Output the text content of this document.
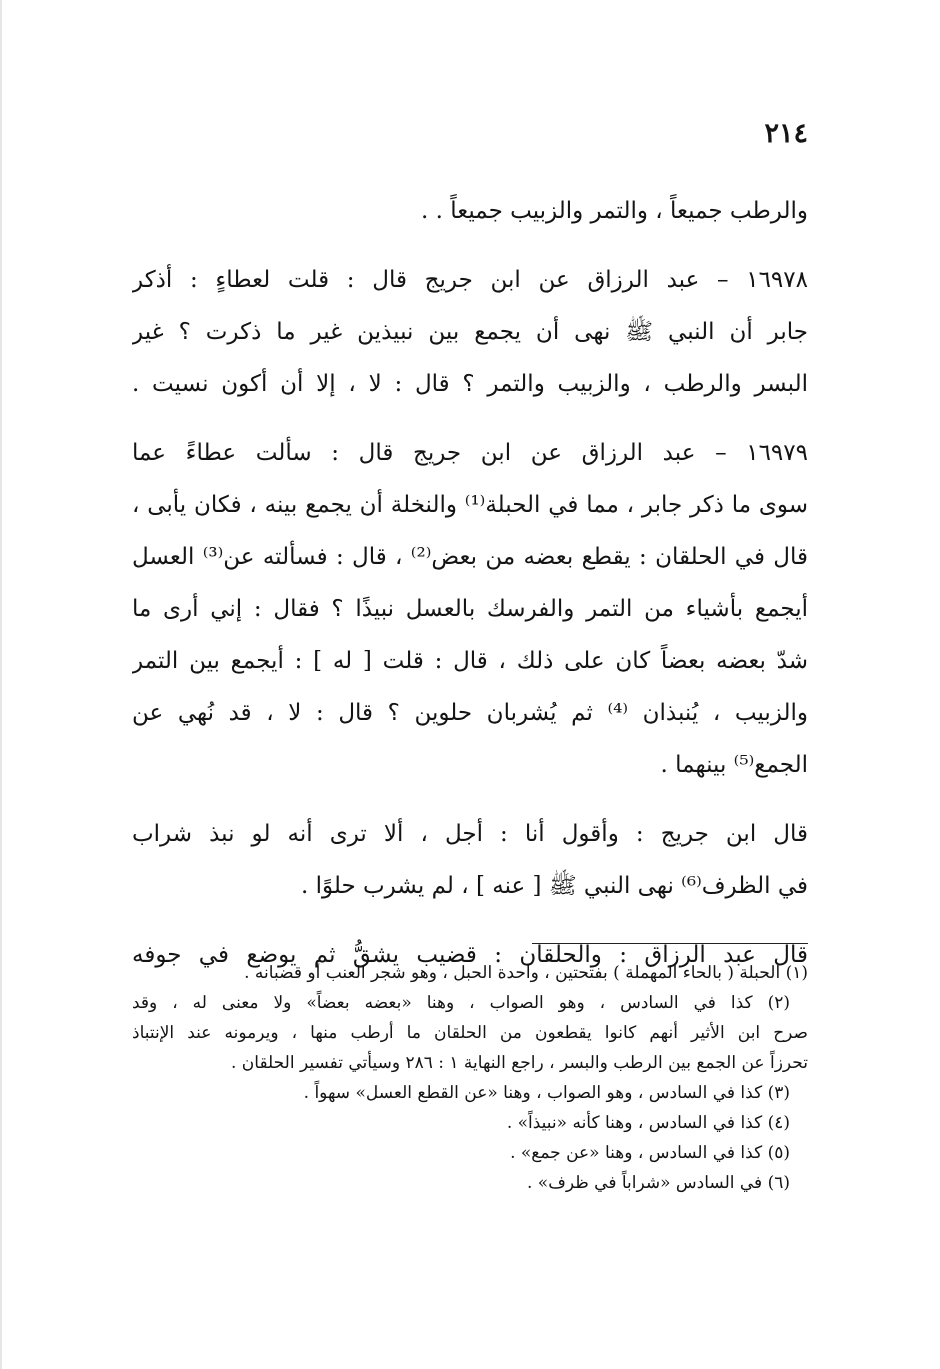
٢١٤
والرطب جميعاً ، والتمر والزبيب جميعاً . .
١٦٩٧٨ – عبد الرزاق عن ابن جريج قال : قلت لعطاءٍ : أذكر
جابر أن النبي ﷺ نهى أن يجمع بين نبيذين غير ما ذكرت ؟ غير
البسر والرطب ، والزبيب والتمر ؟ قال : لا ، إلا أن أكون نسيت .
١٦٩٧٩ – عبد الرزاق عن ابن جريج قال : سألت عطاءً عما
سوى ما ذكر جابر ، مما في الحبلة⁽¹⁾ والنخلة أن يجمع بينه ، فكان يأبى ،
قال في الحلقان : يقطع بعضه من بعض⁽²⁾ ، قال : فسألته عن⁽³⁾ العسل
أيجمع بأشياء من التمر والفرسك بالعسل نبيذًا ؟ فقال : إني أرى ما
شدّ بعضه بعضاً كان على ذلك ، قال : قلت [ له ] : أيجمع بين التمر
والزبيب ، يُنبذان ⁽⁴⁾ ثم يُشربان حلوين ؟ قال : لا ، قد نُهي عن
الجمع⁽⁵⁾ بينهما .
قال ابن جريج : وأقول أنا : أجل ، ألا ترى أنه لو نبذ شراب
في الظرف⁽⁶⁾ نهى النبي ﷺ [ عنه ] ، لم يشرب حلوًا .
قال عبد الرزاق : والحلقان : قضيب يشقُّ ثم يوضع في جوفه
(١) الحبلة ( بالحاء المهملة ) بفتحتين ، واحدة الحبل ، وهو شجر العنب أو قضبانه .
(٢) كذا في السادس ، وهو الصواب ، وهنا «بعضه بعضاً» ولا معنى له ، وقد
صرح ابن الأثير أنهم كانوا يقطعون من الحلقان ما أرطب منها ، ويرمونه عند الإنتباذ
تحرزاً عن الجمع بين الرطب والبسر ، راجع النهاية ١ : ٢٨٦ وسيأتي تفسير الحلقان .
(٣) كذا في السادس ، وهو الصواب ، وهنا «عن القطع العسل» سهواً .
(٤) كذا في السادس ، وهنا كأنه «نبيذاً» .
(٥) كذا في السادس ، وهنا «عن جمع» .
(٦) في السادس «شراباً في ظرف» .
